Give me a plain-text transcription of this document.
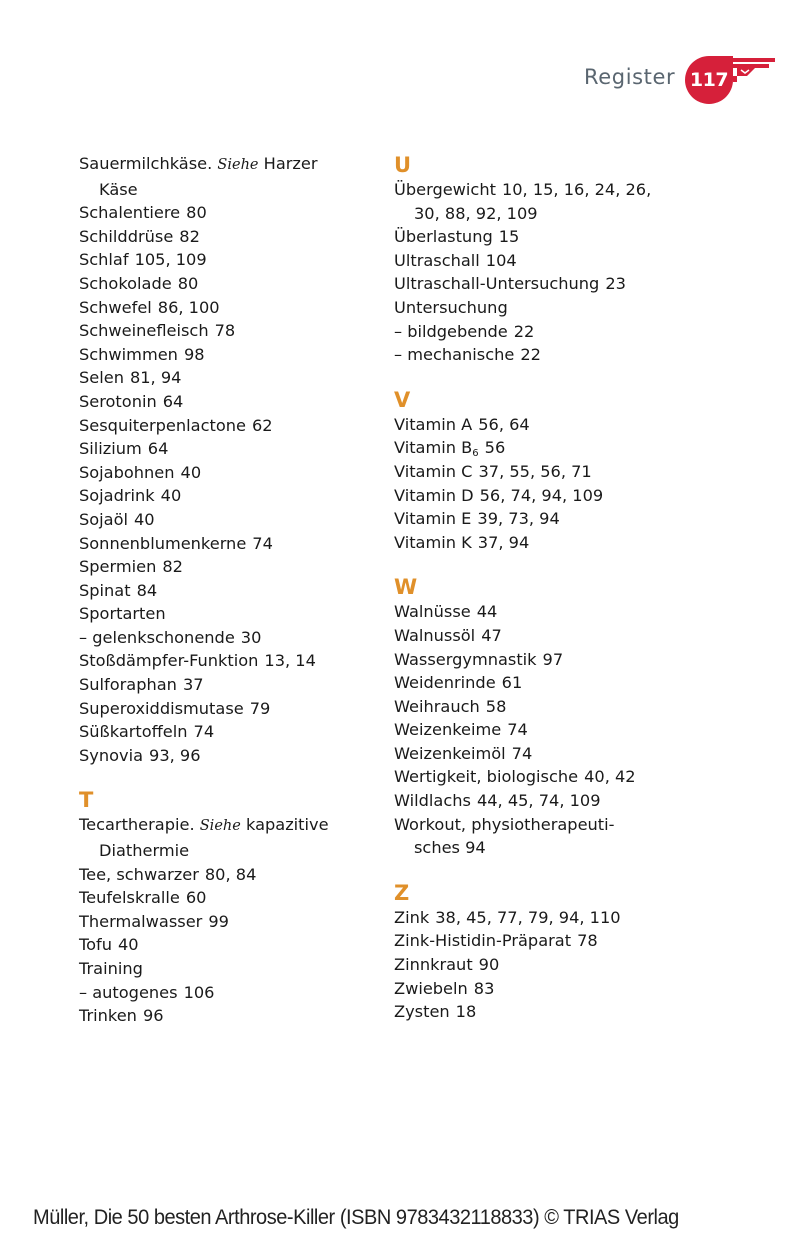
Register 117
Sauermilchkäse. Siehe Harzer
Käse
Schalentiere 80
Schilddrüse 82
Schlaf 105, 109
Schokolade 80
Schwefel 86, 100
Schweinefleisch 78
Schwimmen 98
Selen 81, 94
Serotonin 64
Sesquiterpenlactone 62
Silizium 64
Sojabohnen 40
Sojadrink 40
Sojaöl 40
Sonnenblumenkerne 74
Spermien 82
Spinat 84
Sportarten
– gelenkschonende 30
Stoßdämpfer-Funktion 13, 14
Sulforaphan 37
Superoxiddismutase 79
Süßkartoffeln 74
Synovia 93, 96
T
Tecartherapie. Siehe kapazitive
Diathermie
Tee, schwarzer 80, 84
Teufelskralle 60
Thermalwasser 99
Tofu 40
Training
– autogenes 106
Trinken 96
U
Übergewicht 10, 15, 16, 24, 26,
30, 88, 92, 109
Überlastung 15
Ultraschall 104
Ultraschall-Untersuchung 23
Untersuchung
– bildgebende 22
– mechanische 22
V
Vitamin A 56, 64
Vitamin $B_6$ 56
Vitamin C 37, 55, 56, 71
Vitamin D 56, 74, 94, 109
Vitamin E 39, 73, 94
Vitamin K 37, 94
W
Walnüsse 44
Walnussöl 47
Wassergymnastik 97
Weidenrinde 61
Weihrauch 58
Weizenkeime 74
Weizenkeimöl 74
Wertigkeit, biologische 40, 42
Wildlachs 44, 45, 74, 109
Workout, physiotherapeuti-
sches 94
Z
Zink 38, 45, 77, 79, 94, 110
Zink-Histidin-Präparat 78
Zinnkraut 90
Zwiebeln 83
Zysten 18
Müller, Die 50 besten Arthrose-Killer (ISBN 9783432118833) © TRIAS Verlag
